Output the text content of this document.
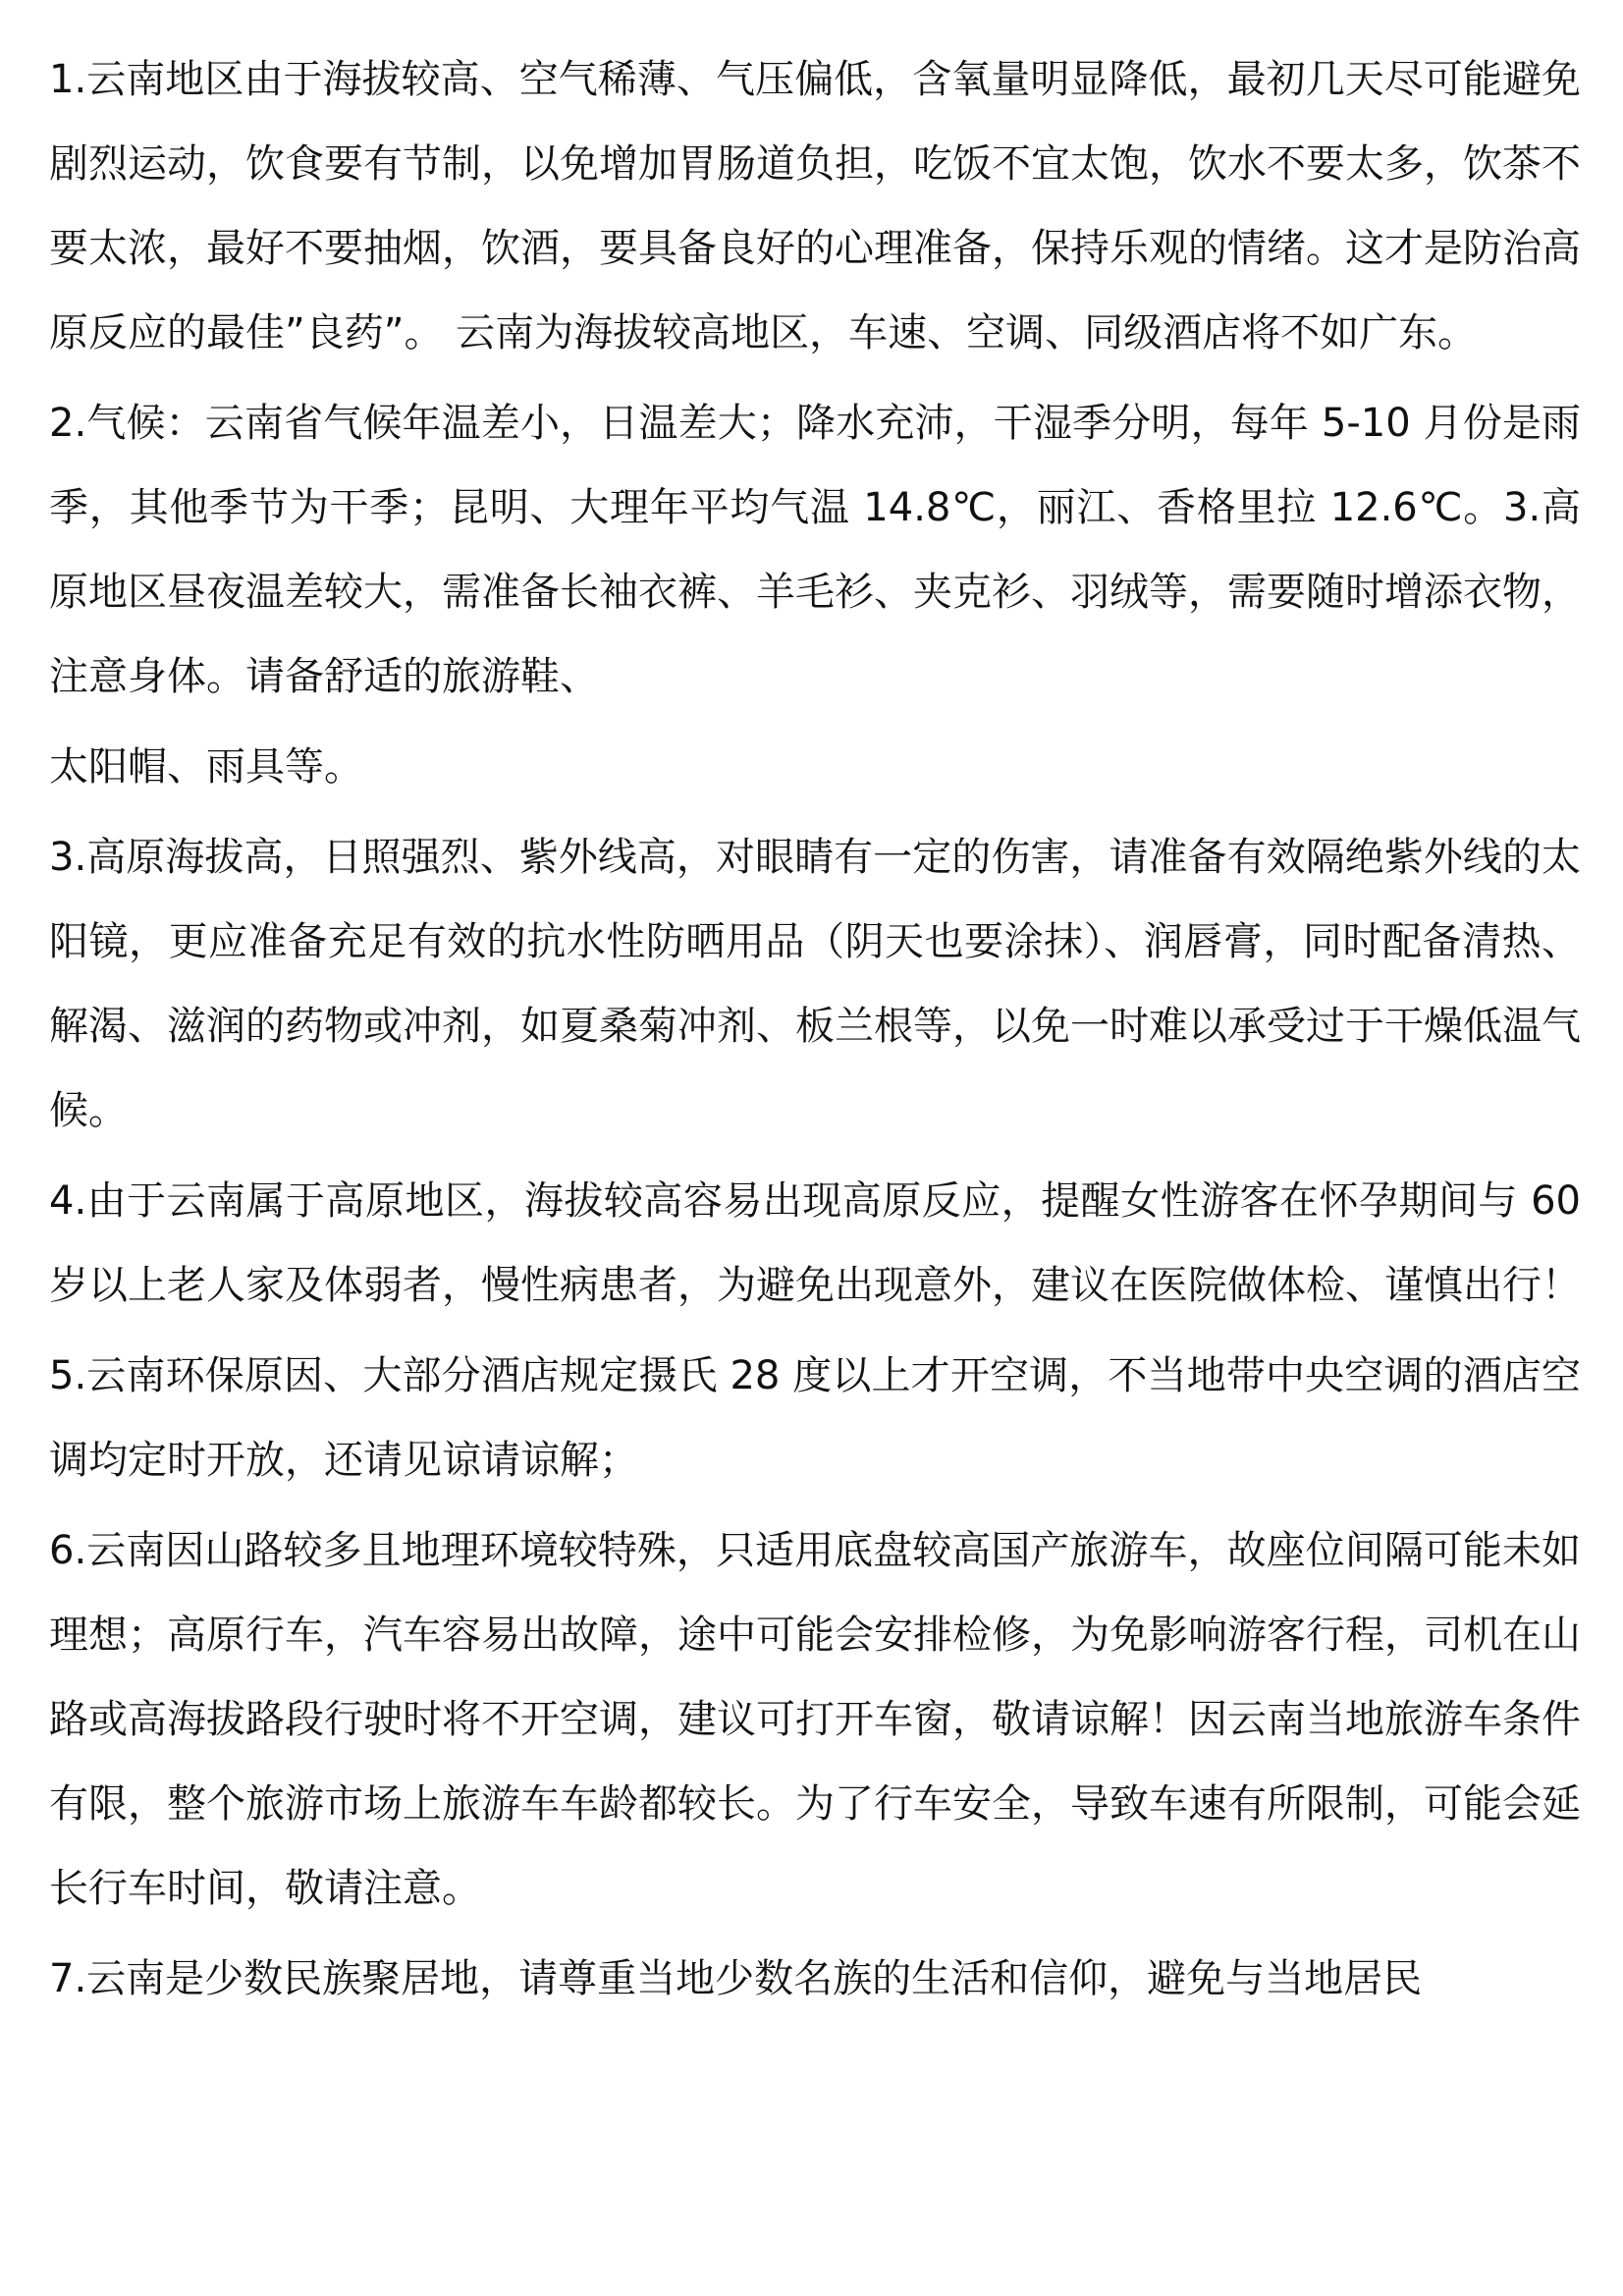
1.云南地区由于海拔较高、空气稀薄、气压偏低，含氧量明显降低，最初几天尽可能避免剧烈运动，饮食要有节制，以免增加胃肠道负担，吃饭不宜太饱，饮水不要太多，饮茶不要太浓，最好不要抽烟，饮酒，要具备良好的心理准备，保持乐观的情绪。这才是防治高原反应的最佳”良药”。 云南为海拔较高地区，车速、空调、同级酒店将不如广东。

2.气候：云南省气候年温差小，日温差大；降水充沛，干湿季分明，每年 5-10 月份是雨季，其他季节为干季；昆明、大理年平均气温 14.8℃，丽江、香格里拉 12.6℃。3.高原地区昼夜温差较大，需准备长袖衣裤、羊毛衫、夹克衫、羽绒等，需要随时增添衣物，注意身体。请备舒适的旅游鞋、

太阳帽、雨具等。

3.高原海拔高，日照强烈、紫外线高，对眼睛有一定的伤害，请准备有效隔绝紫外线的太阳镜，更应准备充足有效的抗水性防晒用品（阴天也要涂抹）、润唇膏，同时配备清热、解渴、滋润的药物或冲剂，如夏桑菊冲剂、板兰根等，以免一时难以承受过于干燥低温气候。

4.由于云南属于高原地区，海拔较高容易出现高原反应，提醒女性游客在怀孕期间与 60 岁以上老人家及体弱者，慢性病患者，为避免出现意外，建议在医院做体检、谨慎出行！

5.云南环保原因、大部分酒店规定摄氏 28 度以上才开空调，不当地带中央空调的酒店空调均定时开放，还请见谅请谅解；

6.云南因山路较多且地理环境较特殊，只适用底盘较高国产旅游车，故座位间隔可能未如理想；高原行车，汽车容易出故障，途中可能会安排检修，为免影响游客行程，司机在山路或高海拔路段行驶时将不开空调，建议可打开车窗，敬请谅解！因云南当地旅游车条件有限，整个旅游市场上旅游车车龄都较长。为了行车安全，导致车速有所限制，可能会延长行车时间，敬请注意。

7.云南是少数民族聚居地，请尊重当地少数名族的生活和信仰，避免与当地居民
